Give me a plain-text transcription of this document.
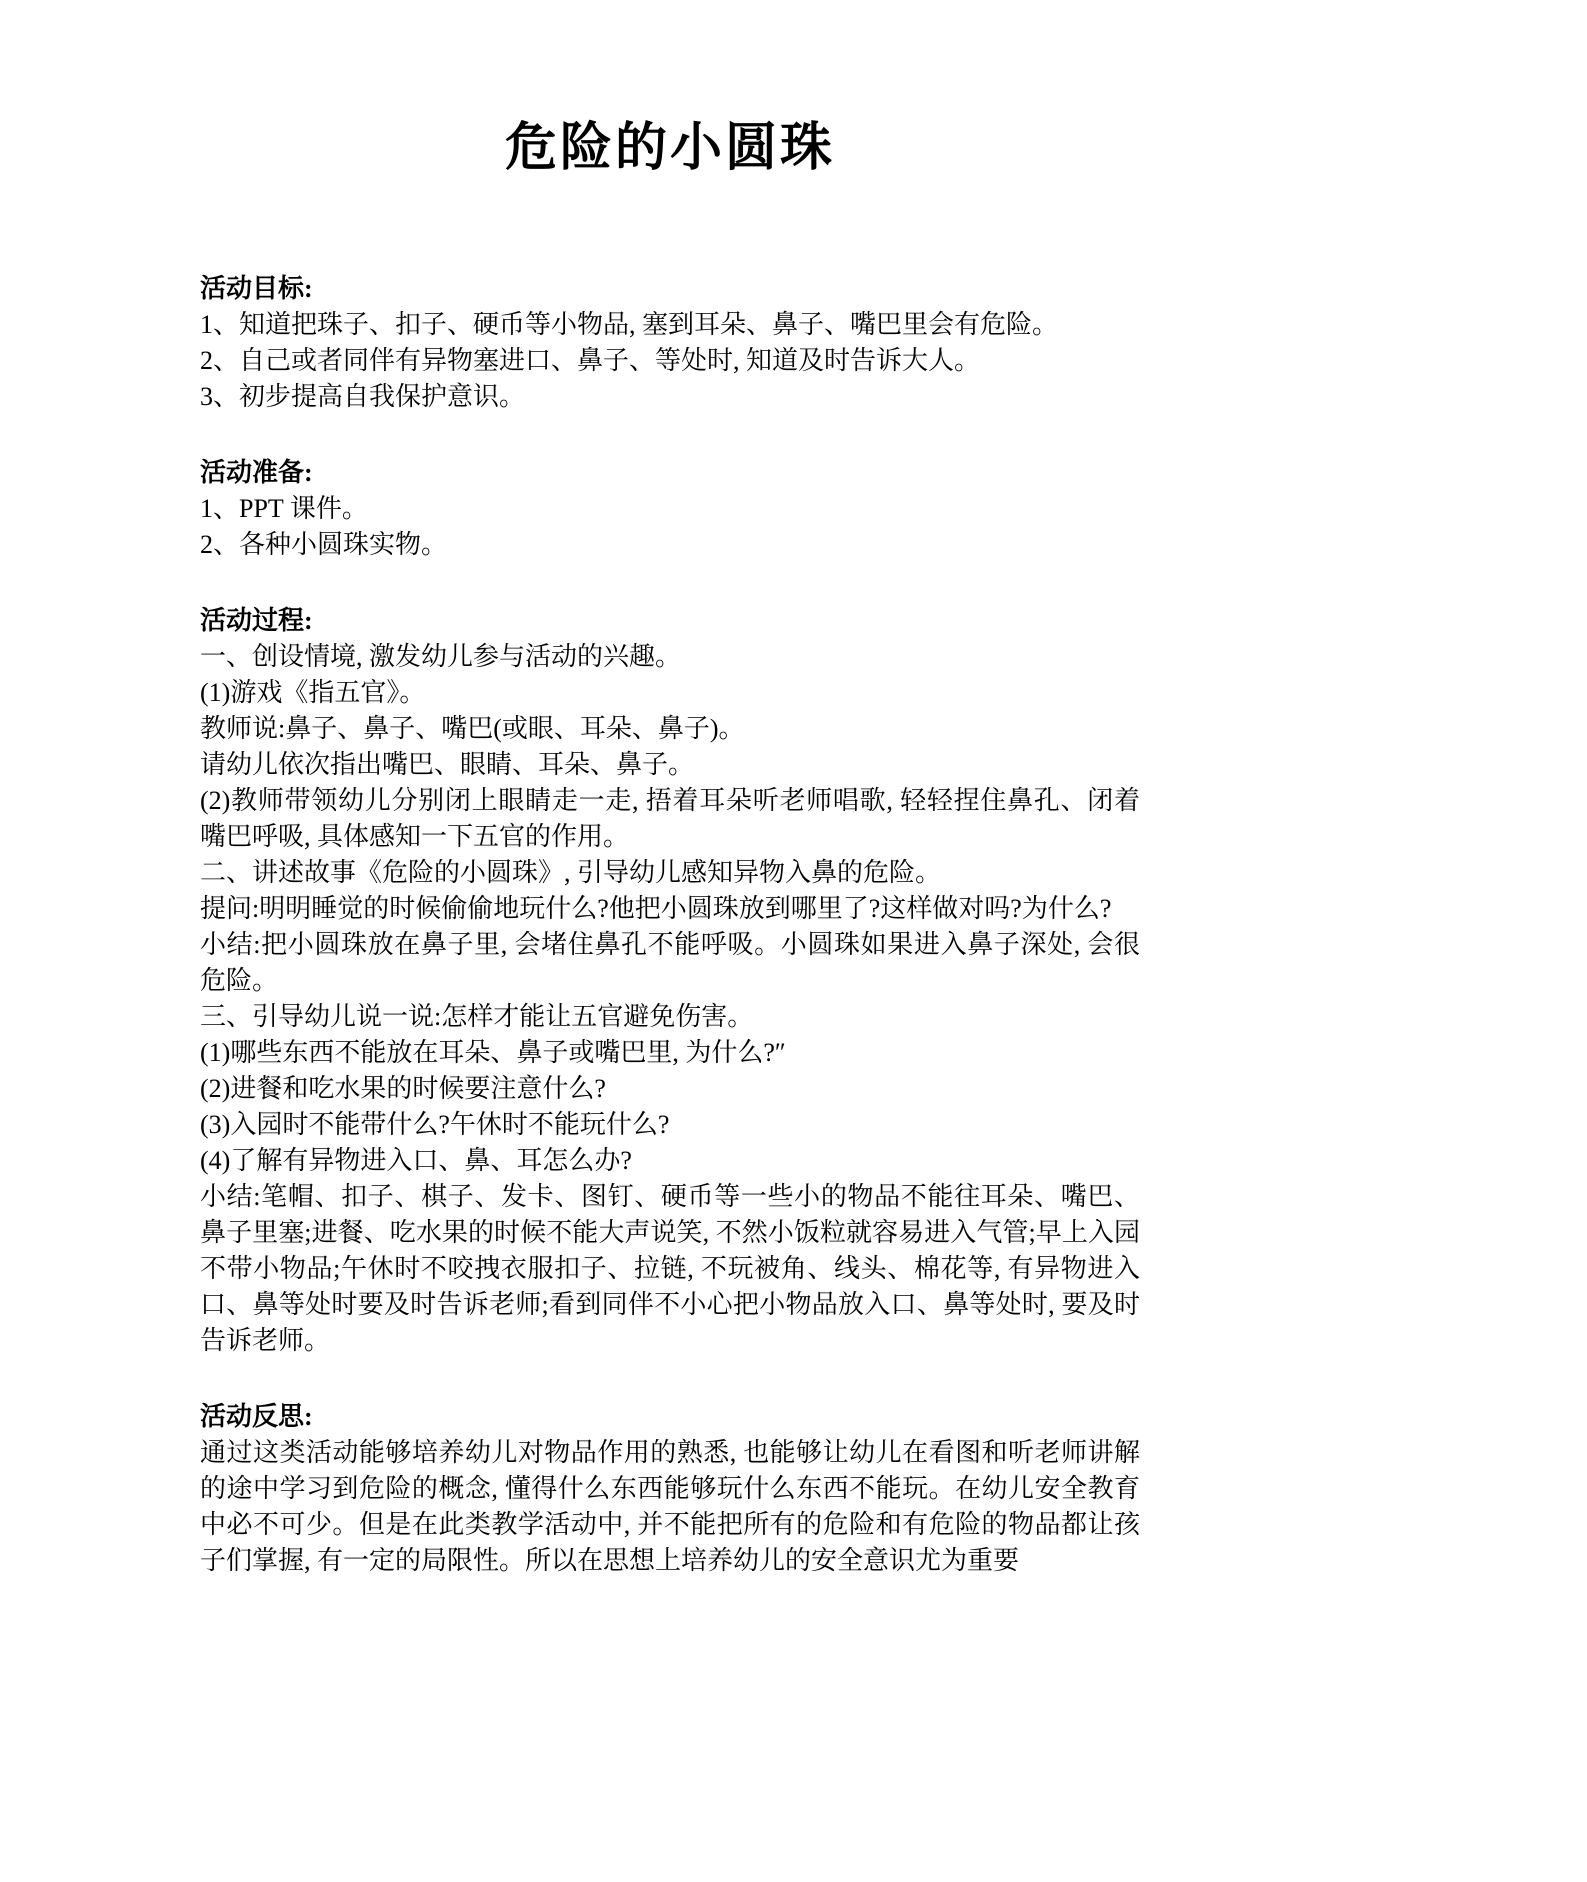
危险的小圆珠
活动目标:

1、知道把珠子、扣子、硬币等小物品, 塞到耳朵、鼻子、嘴巴里会有危险。

2、自己或者同伴有异物塞进口、鼻子、等处时, 知道及时告诉大人。

3、初步提高自我保护意识。

活动准备:

1、PPT 课件。

2、各种小圆珠实物。

活动过程:

一、创设情境, 激发幼儿参与活动的兴趣。

(1)游戏《指五官》。

教师说:鼻子、鼻子、嘴巴(或眼、耳朵、鼻子)。

请幼儿依次指出嘴巴、眼睛、耳朵、鼻子。

(2)教师带领幼儿分别闭上眼睛走一走, 捂着耳朵听老师唱歌, 轻轻捏住鼻孔、闭着嘴巴呼吸, 具体感知一下五官的作用。

二、讲述故事《危险的小圆珠》, 引导幼儿感知异物入鼻的危险。

提问:明明睡觉的时候偷偷地玩什么?他把小圆珠放到哪里了?这样做对吗?为什么?

小结:把小圆珠放在鼻子里, 会堵住鼻孔不能呼吸。小圆珠如果进入鼻子深处, 会很危险。

三、引导幼儿说一说:怎样才能让五官避免伤害。

(1)哪些东西不能放在耳朵、鼻子或嘴巴里, 为什么?″

(2)进餐和吃水果的时候要注意什么?

(3)入园时不能带什么?午休时不能玩什么?

(4)了解有异物进入口、鼻、耳怎么办?

小结:笔帽、扣子、棋子、发卡、图钉、硬币等一些小的物品不能往耳朵、嘴巴、鼻子里塞;进餐、吃水果的时候不能大声说笑, 不然小饭粒就容易进入气管;早上入园不带小物品;午休时不咬拽衣服扣子、拉链, 不玩被角、线头、棉花等, 有异物进入口、鼻等处时要及时告诉老师;看到同伴不小心把小物品放入口、鼻等处时, 要及时告诉老师。

活动反思:

通过这类活动能够培养幼儿对物品作用的熟悉, 也能够让幼儿在看图和听老师讲解的途中学习到危险的概念, 懂得什么东西能够玩什么东西不能玩。在幼儿安全教育中必不可少。但是在此类教学活动中, 并不能把所有的危险和有危险的物品都让孩子们掌握, 有一定的局限性。所以在思想上培养幼儿的安全意识尤为重要
